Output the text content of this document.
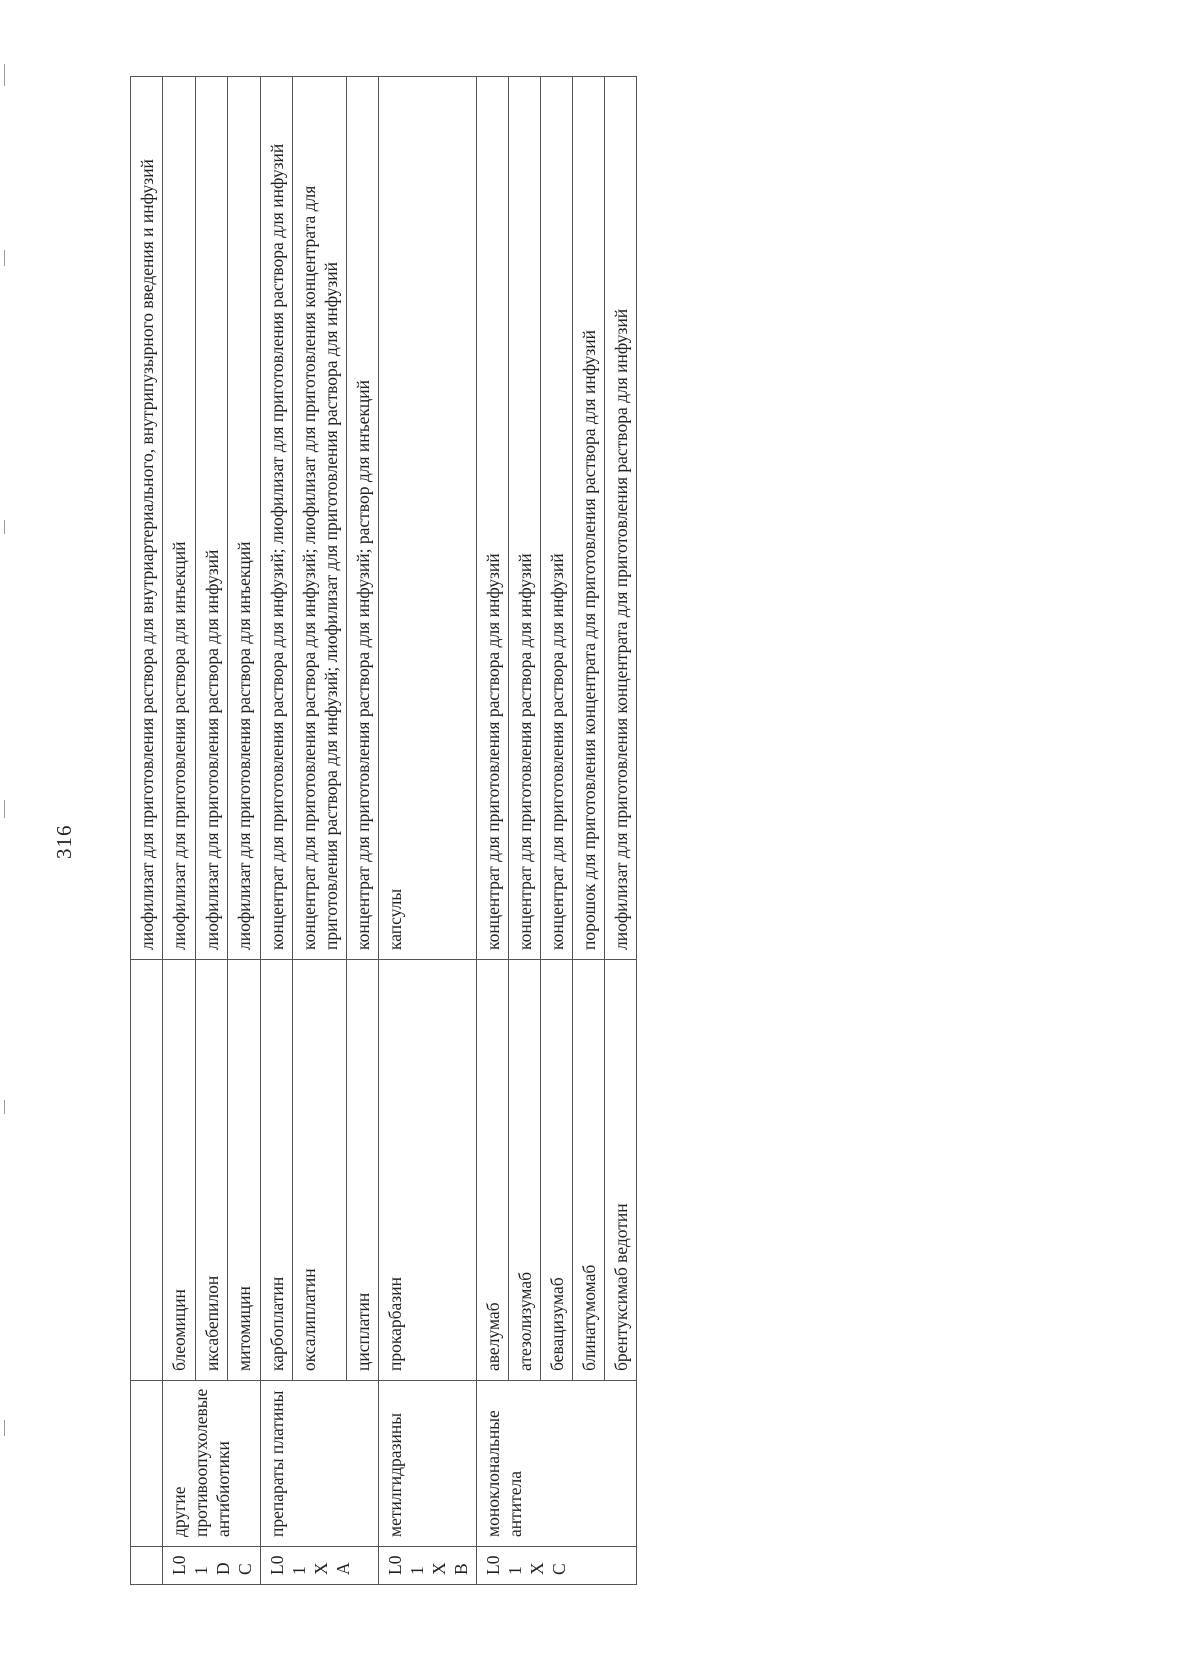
316
				лиофилизат для приготовления раствора для внутриартериального, внутрипузырного введения и инфузий
L01DC	другие противоопухолевые антибиотики	блеомицин	лиофилизат для приготовления раствора для инъекций
		иксабепилон	лиофилизат для приготовления раствора для инфузий
		митомицин	лиофилизат для приготовления раствора для инъекций
L01XA	препараты платины	карбоплатин	концентрат для приготовления раствора для инфузий; лиофилизат для приготовления раствора для инфузий
		оксалиплатин	концентрат для приготовления раствора для инфузий; лиофилизат для приготовления концентрата для приготовления раствора для инфузий; лиофилизат для приготовления раствора для инфузий
		цисплатин	концентрат для приготовления раствора для инфузий; раствор для инъекций
L01XB	метилгидразины	прокарбазин	капсулы
L01XC	моноклональные антитела	авелумаб	концентрат для приготовления раствора для инфузий
		атезолизумаб	концентрат для приготовления раствора для инфузий
		бевацизумаб	концентрат для приготовления раствора для инфузий
		блинатумомаб	порошок для приготовления концентрата для приготовления раствора для инфузий
		брентуксимаб ведотин	лиофилизат для приготовления концентрата для приготовления раствора для инфузий
